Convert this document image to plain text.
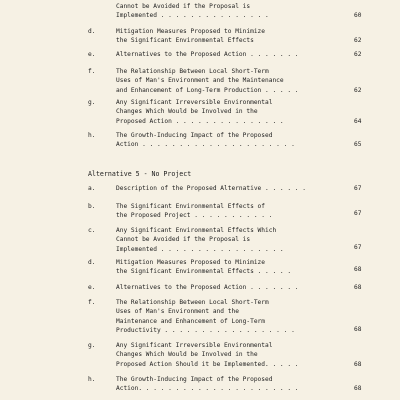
Cannot be Avoided if the Proposal is
Implemented . . . . . . . . . . . . . . .	60
d.	Mitigation Measures Proposed to Minimize
the Significant Environmental Effects	62
e.	Alternatives to the Proposed Action . . . . . . .	62
f.	The Relationship Between Local Short-Term
Uses of Man's Environment and the Maintenance
and Enhancement of Long-Term Production . . . . .	62
g.	Any Significant Irreversible Environmental
Changes Which Would be Involved in the
Proposed Action . . . . . . . . . . . . . . .	64
h.	The Growth-Inducing Impact of the Proposed
Action . . . . . . . . . . . . . . . . . . . . .	65
Alternative 5 - No Project
a.	Description of the Proposed Alternative . . . . . .	67
b.	The Significant Environmental Effects of
the Proposed Project . . . . . . . . . . .	67
c.	Any Significant Environmental Effects Which
Cannot be Avoided if the Proposal is
Implemented . . . . . . . . . . . . . . . . .	67
d.	Mitigation Measures Proposed to Minimize
the Significant Environmental Effects . . . . .	68
e.	Alternatives to the Proposed Action . . . . . . .	68
f.	The Relationship Between Local Short-Term
Uses of Man's Environment and the
Maintenance and Enhancement of Long-Term
Productivity . . . . . . . . . . . . . . . . . .	68
g.	Any Significant Irreversible Environmental
Changes Which Would be Involved in the
Proposed Action Should it be Implemented. . . . .	68
h.	The Growth-Inducing Impact of the Proposed
Action. . . . . . . . . . . . . . . . . . . . . .	68
